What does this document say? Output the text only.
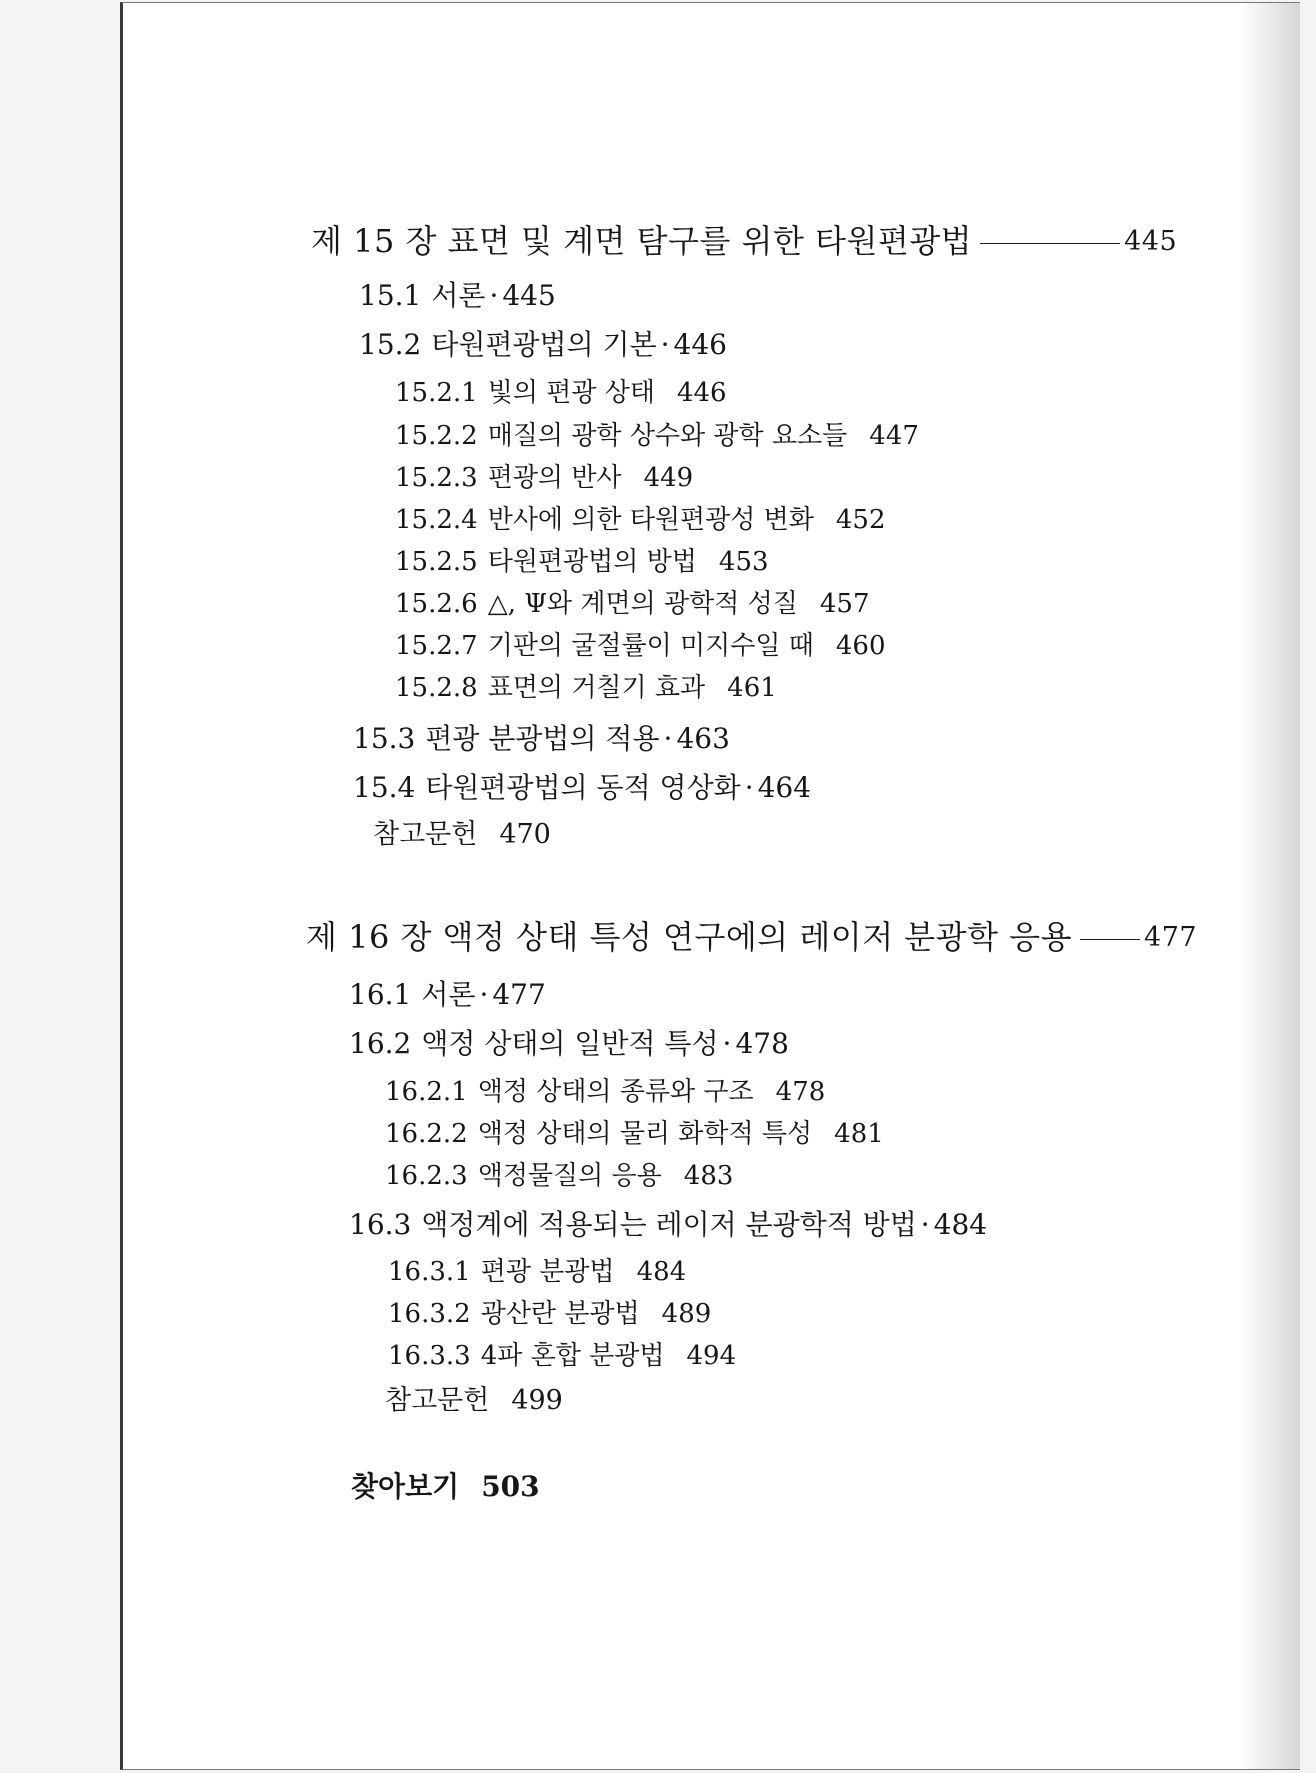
제 15 장 표면 및 계면 탐구를 위한 타원편광법	445
15.1 서론 · 445
15.2 타원편광법의 기본 · 446
15.2.1 빛의 편광 상태 446
15.2.2 매질의 광학 상수와 광학 요소들 447
15.2.3 편광의 반사 449
15.2.4 반사에 의한 타원편광성 변화 452
15.2.5 타원편광법의 방법 453
15.2.6 △, Ψ와 계면의 광학적 성질 457
15.2.7 기판의 굴절률이 미지수일 때 460
15.2.8 표면의 거칠기 효과 461
15.3 편광 분광법의 적용 · 463
15.4 타원편광법의 동적 영상화 · 464
참고문헌 470
제 16 장 액정 상태 특성 연구에의 레이저 분광학 응용	477
16.1 서론 · 477
16.2 액정 상태의 일반적 특성 · 478
16.2.1 액정 상태의 종류와 구조 478
16.2.2 액정 상태의 물리 화학적 특성 481
16.2.3 액정물질의 응용 483
16.3 액정계에 적용되는 레이저 분광학적 방법 · 484
16.3.1 편광 분광법 484
16.3.2 광산란 분광법 489
16.3.3 4파 혼합 분광법 494
참고문헌 499
찾아보기 503
